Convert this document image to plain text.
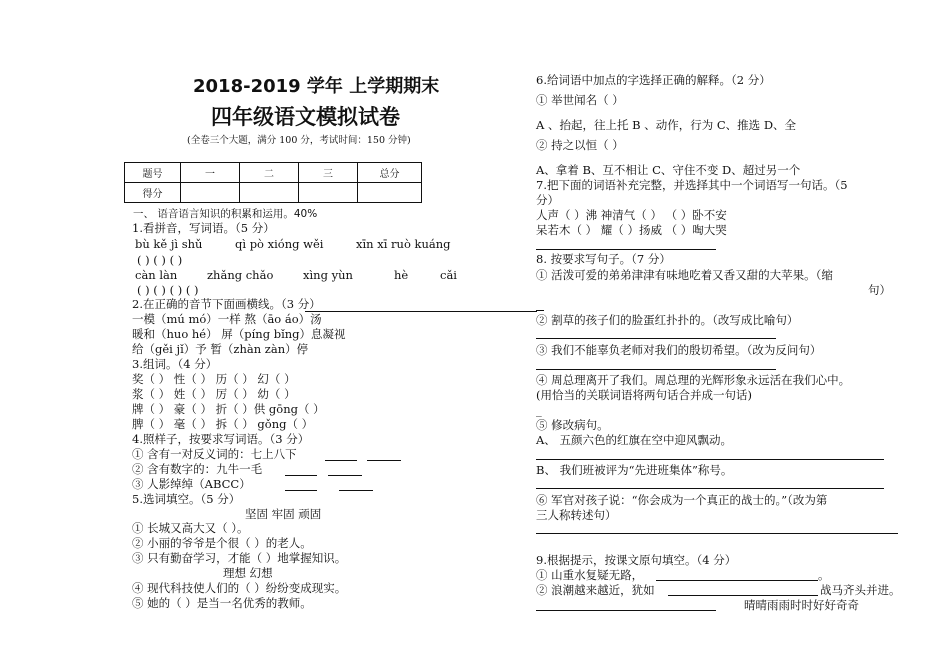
2018-2019 学年 上学期期末
四年级语文模拟试卷
(全卷三个大题，满分 100 分，考试时间：150 分钟)
题号	一	二	三	总分
得分				
一、 语音语言知识的积累和运用。40%
1.看拼音，写词语。（5 分）
bù kě jì shǔ	qì pò xióng wěi	xīn xī ruò kuáng
( ) ( ) ( )
càn làn	zhǎng chǎo	xìng yùn	hè	cǎi
( ) ( ) ( ) ( )
2.在正确的音节下面画横线。（3 分）
一模（mú mó）一样 熬（āo áo）汤
暖和（huo hé） 屏（píng bǐng）息凝视
给（gěi jǐ）予 暂（zhàn zàn）停
3.组词。（4 分）
奖（ ） 性（ ） 历（ ） 幻（ ）
浆（ ） 姓（ ） 厉（ ） 幼（ ）
牌（ ） 豪（ ） 折（ ）供 gōng（ ）
脾（ ） 毫（ ） 拆（ ） gǒng（ ）
4.照样子，按要求写词语。（3 分）
① 含有一对反义词的：七上八下
② 含有数字的：九牛一毛
③ 人影绰绰（ABCC）
5.选词填空。（5 分）
坚固 牢固 顽固
① 长城又高大又（ ）。
② 小丽的爷爷是个很（ ）的老人。
③ 只有勤奋学习，才能（ ）地掌握知识。
理想 幻想
④ 现代科技使人们的（ ）纷纷变成现实。
⑤ 她的（ ）是当一名优秀的教师。
6.给词语中加点的字选择正确的解释。（2 分）
① 举世闻名（ ）
A 、抬起，往上托 B 、动作，行为 C、推选 D、全
② 持之以恒（ ）
A、拿着 B、互不相让 C、守住不变 D、超过另一个
7.把下面的词语补充完整，并选择其中一个词语写一句话。（5
分）
人声（ ）沸 神清气（ ） （ ）卧不安
呆若木（ ） 耀（ ）扬威 （ ）啕大哭
8. 按要求写句子。（7 分）
① 活泼可爱的弟弟津津有味地吃着又香又甜的大苹果。（缩
句）
② 割草的孩子们的脸蛋红扑扑的。（改写成比喻句）
③ 我们不能辜负老师对我们的殷切希望。（改为反问句）
④ 周总理离开了我们。周总理的光辉形象永远活在我们心中。
(用恰当的关联词语将两句话合并成一句话)
_
⑤ 修改病句。
A、 五颜六色的红旗在空中迎风飘动。
B、 我们班被评为“先进班集体”称号。
⑥ 军官对孩子说：“你会成为一个真正的战士的。”（改为第
三人称转述句）
9.根据提示，按课文原句填空。（4 分）
① 山重水复疑无路，	。
② 浪潮越来越近，犹如	战马齐头并进。
晴晴雨雨时时好好奇奇
